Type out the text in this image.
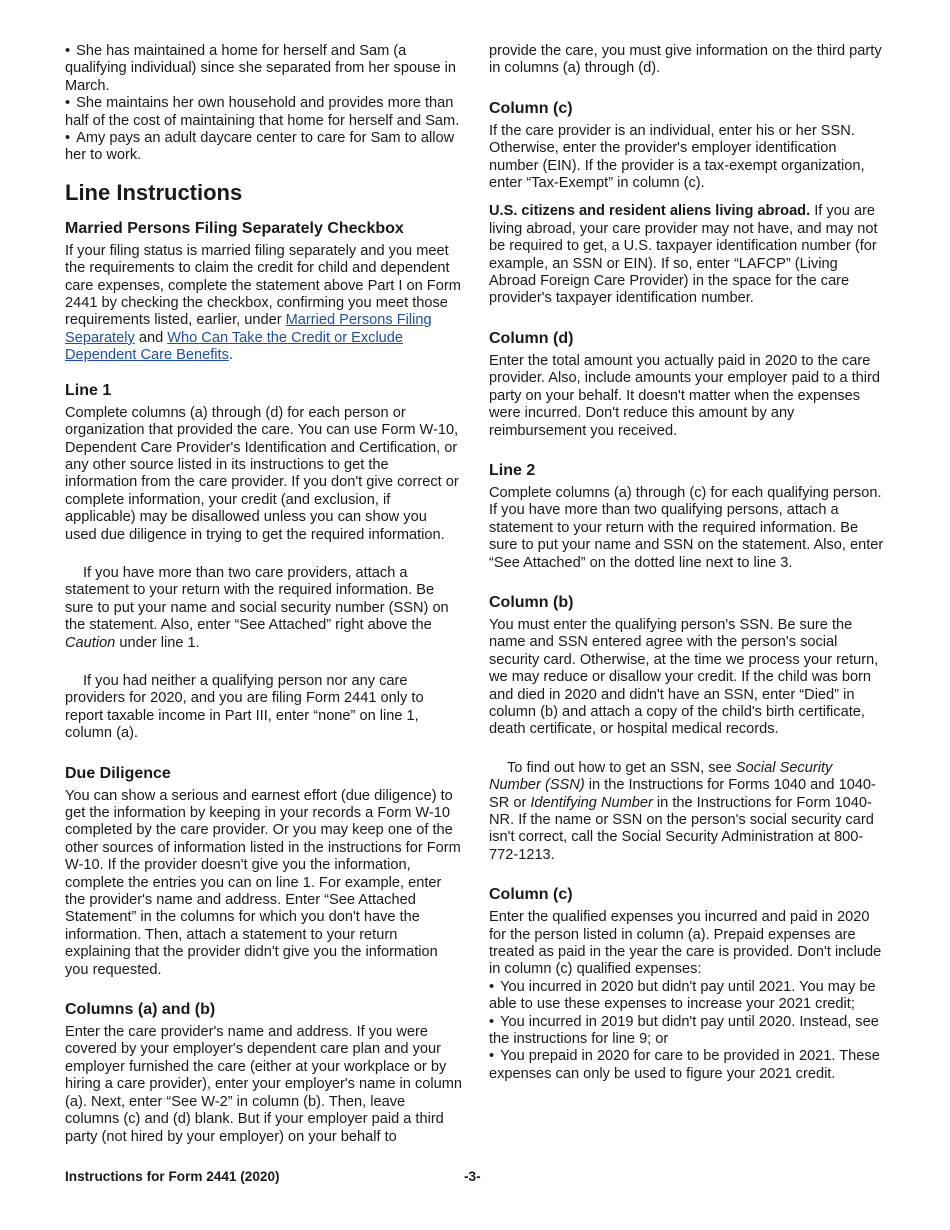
• She has maintained a home for herself and Sam (a qualifying individual) since she separated from her spouse in March.

• She maintains her own household and provides more than half of the cost of maintaining that home for herself and Sam.

• Amy pays an adult daycare center to care for Sam to allow her to work.

Line Instructions
Married Persons Filing Separately Checkbox

If your filing status is married filing separately and you meet the requirements to claim the credit for child and dependent care expenses, complete the statement above Part I on Form 2441 by checking the checkbox, confirming you meet those requirements listed, earlier, under Married Persons Filing Separately and Who Can Take the Credit or Exclude Dependent Care Benefits.

Line 1

Complete columns (a) through (d) for each person or organization that provided the care. You can use Form W-10, Dependent Care Provider's Identification and Certification, or any other source listed in its instructions to get the information from the care provider. If you don't give correct or complete information, your credit (and exclusion, if applicable) may be disallowed unless you can show you used due diligence in trying to get the required information.

If you have more than two care providers, attach a statement to your return with the required information. Be sure to put your name and social security number (SSN) on the statement. Also, enter “See Attached” right above the Caution under line 1.

If you had neither a qualifying person nor any care providers for 2020, and you are filing Form 2441 only to report taxable income in Part III, enter “none” on line 1, column (a).

Due Diligence

You can show a serious and earnest effort (due diligence) to get the information by keeping in your records a Form W-10 completed by the care provider. Or you may keep one of the other sources of information listed in the instructions for Form W-10. If the provider doesn't give you the information, complete the entries you can on line 1. For example, enter the provider's name and address. Enter “See Attached Statement” in the columns for which you don't have the information. Then, attach a statement to your return explaining that the provider didn't give you the information you requested.

Columns (a) and (b)

Enter the care provider's name and address. If you were covered by your employer's dependent care plan and your employer furnished the care (either at your workplace or by hiring a care provider), enter your employer's name in column (a). Next, enter “See W-2” in column (b). Then, leave columns (c) and (d) blank. But if your employer paid a third party (not hired by your employer) on your behalf to

provide the care, you must give information on the third party in columns (a) through (d).

Column (c)

If the care provider is an individual, enter his or her SSN. Otherwise, enter the provider's employer identification number (EIN). If the provider is a tax-exempt organization, enter “Tax-Exempt” in column (c).

U.S. citizens and resident aliens living abroad. If you are living abroad, your care provider may not have, and may not be required to get, a U.S. taxpayer identification number (for example, an SSN or EIN). If so, enter “LAFCP” (Living Abroad Foreign Care Provider) in the space for the care provider's taxpayer identification number.

Column (d)

Enter the total amount you actually paid in 2020 to the care provider. Also, include amounts your employer paid to a third party on your behalf. It doesn't matter when the expenses were incurred. Don't reduce this amount by any reimbursement you received.

Line 2

Complete columns (a) through (c) for each qualifying person. If you have more than two qualifying persons, attach a statement to your return with the required information. Be sure to put your name and SSN on the statement. Also, enter “See Attached” on the dotted line next to line 3.

Column (b)

You must enter the qualifying person's SSN. Be sure the name and SSN entered agree with the person's social security card. Otherwise, at the time we process your return, we may reduce or disallow your credit. If the child was born and died in 2020 and didn't have an SSN, enter “Died” in column (b) and attach a copy of the child's birth certificate, death certificate, or hospital medical records.

To find out how to get an SSN, see Social Security Number (SSN) in the Instructions for Forms 1040 and 1040-SR or Identifying Number in the Instructions for Form 1040-NR. If the name or SSN on the person's social security card isn't correct, call the Social Security Administration at 800-772-1213.

Column (c)

Enter the qualified expenses you incurred and paid in 2020 for the person listed in column (a). Prepaid expenses are treated as paid in the year the care is provided. Don't include in column (c) qualified expenses:

• You incurred in 2020 but didn't pay until 2021. You may be able to use these expenses to increase your 2021 credit;

• You incurred in 2019 but didn't pay until 2020. Instead, see the instructions for line 9; or

• You prepaid in 2020 for care to be provided in 2021. These expenses can only be used to figure your 2021 credit.

Instructions for Form 2441 (2020)	-3-
